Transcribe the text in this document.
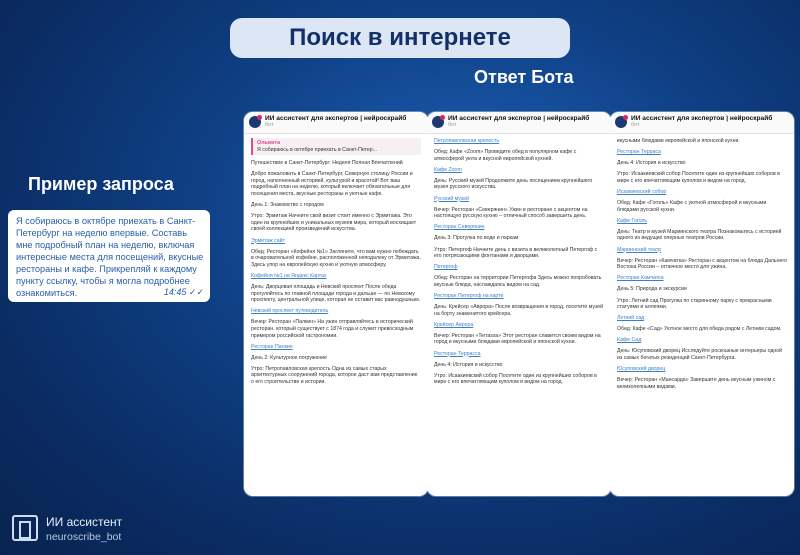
Поиск в интернете
Ответ Бота
Пример запроса
Я собираюсь в октябре приехать в Санкт-Петербург на неделю впервые. Составь мне подробный план на неделю, включая интересные места для посещений, вкусные рестораны и кафе. Прикрепляй к каждому пункту ссылку, чтобы я могла подробнее ознакомиться.	14:45 ✓✓
ИИ ассистент для экспертов | нейроскрайб
бот
Ольвита
Я собираюсь в октябре приехать в Санкт-Петер...

Путешествие в Санкт-Петербург: Неделя Полная Впечатлений

Добро пожаловать в Санкт-Петербург, Северную столицу России и город, наполненный историей, культурой и красотой! Вот ваш подробный план на неделю, который включает обязательные для посещения места, вкусные рестораны и уютные кафе.

День 1: Знакомство с городом

Утро: Эрмитаж Начните свой визит стоит именно с Эрмитажа. Это один из крупнейших и уникальных музеев мира, который восхищает своей коллекцией произведений искусства.

Эрмитаж сайт

Обед: Ресторан «Кофейня №1» Загляните, что вам нужно побеждать в очаровательной кофейне, расположенной неподалеку от Эрмитажа. Здесь упор на европейскую кухню и уютную атмосферу.

Кофейня №1 на Яндекс Картах

День: Дворцовая площадь и Невский проспект После обеда прогуляйтесь по главной площади города и дальше — по Невскому проспекту, центральной улице, которая не оставит вас равнодушным.

Невский проспект путеводитель

Вечер: Ресторан «Палкин» На ужин отправляйтесь в исторический ресторан, который существует с 1874 года и служит превосходным примером российской гастрономии.

Ресторан Палкин

День 2: Культурное погружение

Утро: Петропавловская крепость Одна из самых старых архитектурных сооружений города, которое даст вам представление о его строительстве и истории.

ИИ ассистент для экспертов | нейроскрайб
бот

Петропавловская крепость

Обед: Кафе «Zoom» Проведите обед в популярном кафе с атмосферой уюта и вкусной европейской кухней.

Кафе Zoom

День: Русский музей Продолжите день посещением крупнейшего музея русского искусства.

Русский музей

Вечер: Ресторан «Северянин» Ужин в ресторане с акцентом на настоящую русскую кухню – отличный способ завершить день.

Ресторан Северянин

День 3: Прогулка по воде и паркам

Утро: Петергоф Начните день с визита в великолепный Петергоф с его потрясающими фонтанами и дворцами.

Петергоф

Обед: Ресторан на территории Петергофа Здесь можно попробовать вкусные блюда, наслаждаясь видом на сад.

Ресторан Петергоф на карте

День: Крейсер «Аврора» После возвращения в город, посетите музей на борту знаменитого крейсера.

Крейсер Аврора

Вечер: Ресторан «Terrassa» Этот ресторан славится своим видом на город и вкусными блюдами европейской и японской кухни.

Ресторан Террасса

День 4: История и искусство

Утро: Исаакиевский собор Посетите один из крупнейших соборов в мире с его впечатляющим куполом и видом на город.

ИИ ассистент для экспертов | нейроскрайб
бот

вкусными блюдами европейской и японской кухни.

Ресторан Терраса

День 4: История и искусство

Утро: Исаакиевский собор Посетите один из крупнейших соборов в мире с его впечатляющим куполом и видом на город.

Исаакиевский собор

Обед: Кафе «Гоголь» Кафе с уютной атмосферой и вкусными блюдами русской кухни.

Кафе Гоголь

День: Театр и музей Мариинского театра Познакомьтесь с историей одного из ведущих оперных театров России.

Мариинский театр

Вечер: Ресторан «Камчатка» Ресторан с акцентом на блюда Дальнего Востока России – отличное место для ужина.

Ресторан Камчатка

День 5: Природа и экскурсии

Утро: Летний сад Прогулка по старинному парку с прекрасными статуями и аллеями.

Летний сад

Обед: Кафе «Сад» Уютное место для обеда рядом с Летним садом.

Кафе Сад

День: Юсуповский дворец Исследуйте роскошные интерьеры одной из самых богатых резиденций Санкт-Петербурга.

Юсуповский дворец

Вечер: Ресторан «Мансарда» Завершите день вкусным ужином с великолепными видами.

ИИ ассистент
neuroscribe_bot
